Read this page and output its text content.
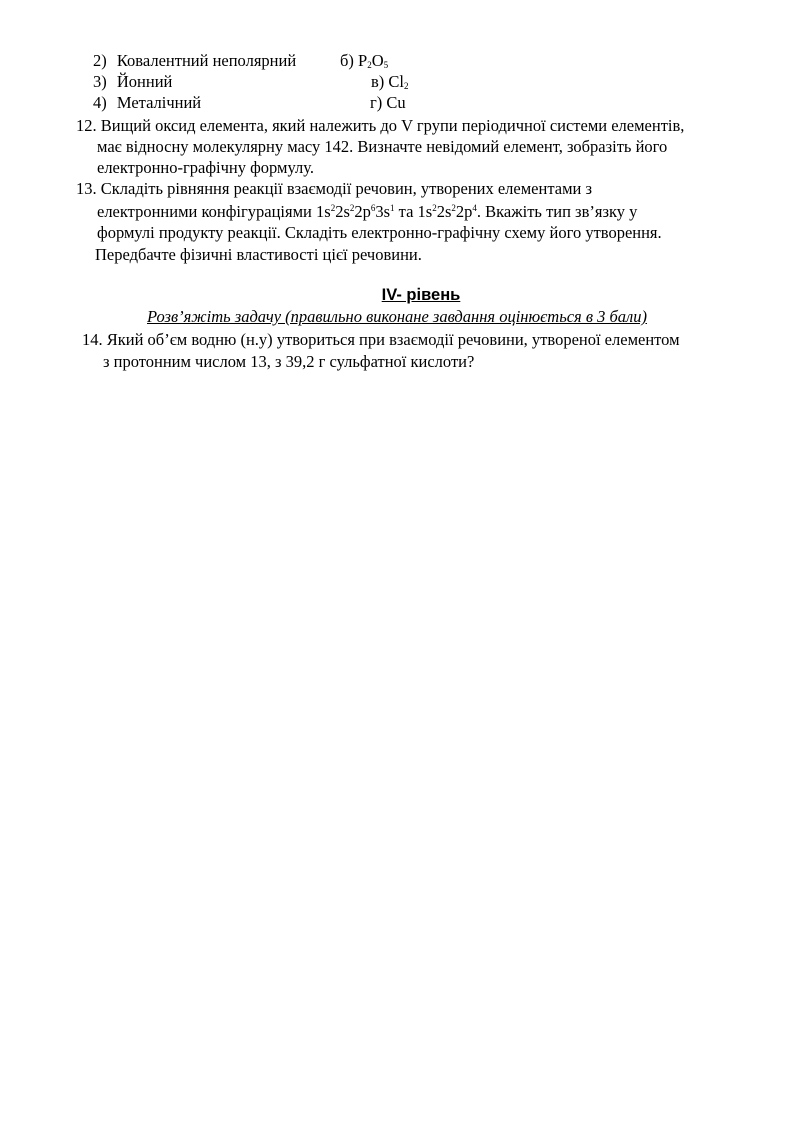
2) Ковалентний неполярний	б) $P_2O_5$
3) Йонний	в) $Cl_2$
4) Металічний	г) Cu
12. Вищий оксид елемента, який належить до V групи періодичної системи елементів,
має відносну молекулярну масу 142. Визначте невідомий елемент, зобразіть його
електронно-графічну формулу.
13. Складіть рівняння реакції взаємодії речовин, утворених елементами з
електронними конфігураціями $1s^22s^22p^63s^1$ та $1s^22s^22p^4$. Вкажіть тип зв’язку у
формулі продукту реакції. Складіть електронно-графічну схему його утворення.
Передбачте фізичні властивості цієї речовини.
IV- рівень
Розв’яжіть задачу (правильно виконане завдання оцінюється в 3 бали)
14. Який об’єм водню (н.у) утвориться при взаємодії речовини, утвореної елементом
з протонним числом 13, з 39,2 г сульфатної кислоти?
